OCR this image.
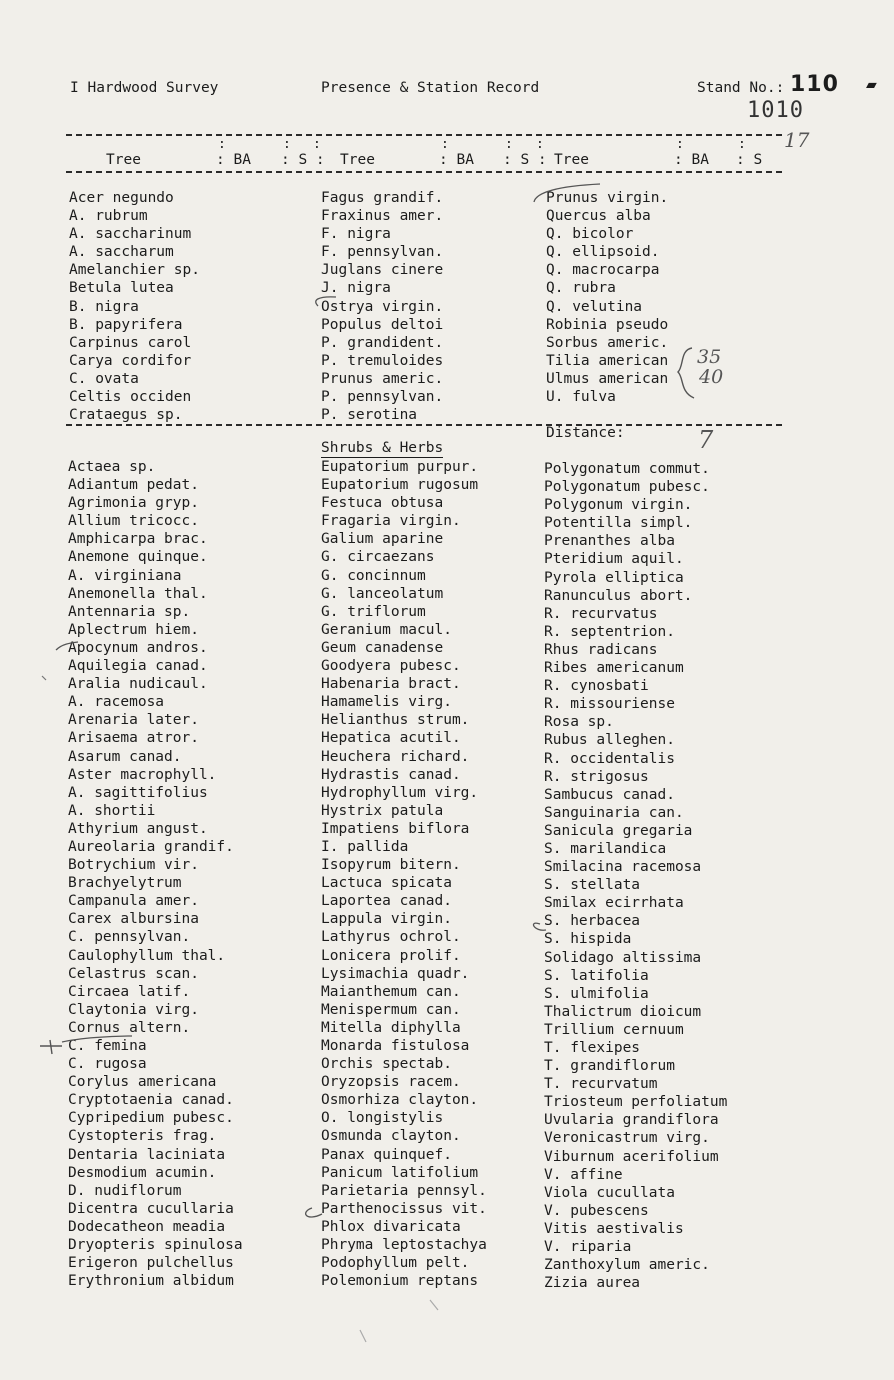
I Hardwood Survey	Presence & Station Record	Stand No.: 110 ▰
1010
17
:	: :	:	: :	:	:
Tree	: BA : S : Tree	: BA : S : Tree	: BA : S
Acer negundo
A. rubrum
A. saccharinum
A. saccharum
Amelanchier sp.
Betula lutea
B. nigra
B. papyrifera
Carpinus carol
Carya cordifor
C. ovata
Celtis occiden
Crataegus sp.
Fagus grandif.
Fraxinus amer.
F. nigra
F. pennsylvan.
Juglans cinere
J. nigra
Ostrya virgin.
Populus deltoi
P. grandident.
P. tremuloides
Prunus americ.
P. pennsylvan.
P. serotina
Prunus virgin.
Quercus alba
Q. bicolor
Q. ellipsoid.
Q. macrocarpa
Q. rubra
Q. velutina
Robinia pseudo
Sorbus americ.
Tilia american
Ulmus american
U. fulva
35
40
Distance:	7
Shrubs & Herbs
Actaea sp.
Adiantum pedat.
Agrimonia gryp.
Allium tricocc.
Amphicarpa brac.
Anemone quinque.
A. virginiana
Anemonella thal.
Antennaria sp.
Aplectrum hiem.
Apocynum andros.
Aquilegia canad.
Aralia nudicaul.
A. racemosa
Arenaria later.
Arisaema atror.
Asarum canad.
Aster macrophyll.
A. sagittifolius
A. shortii
Athyrium angust.
Aureolaria grandif.
Botrychium vir.
Brachyelytrum
Campanula amer.
Carex albursina
C. pennsylvan.
Caulophyllum thal.
Celastrus scan.
Circaea latif.
Claytonia virg.
Cornus altern.
C. femina
C. rugosa
Corylus americana
Cryptotaenia canad.
Cypripedium pubesc.
Cystopteris frag.
Dentaria laciniata
Desmodium acumin.
D. nudiflorum
Dicentra cucullaria
Dodecatheon meadia
Dryopteris spinulosa
Erigeron pulchellus
Erythronium albidum
Eupatorium purpur.
Eupatorium rugosum
Festuca obtusa
Fragaria virgin.
Galium aparine
G. circaezans
G. concinnum
G. lanceolatum
G. triflorum
Geranium macul.
Geum canadense
Goodyera pubesc.
Habenaria bract.
Hamamelis virg.
Helianthus strum.
Hepatica acutil.
Heuchera richard.
Hydrastis canad.
Hydrophyllum virg.
Hystrix patula
Impatiens biflora
I. pallida
Isopyrum bitern.
Lactuca spicata
Laportea canad.
Lappula virgin.
Lathyrus ochrol.
Lonicera prolif.
Lysimachia quadr.
Maianthemum can.
Menispermum can.
Mitella diphylla
Monarda fistulosa
Orchis spectab.
Oryzopsis racem.
Osmorhiza clayton.
O. longistylis
Osmunda clayton.
Panax quinquef.
Panicum latifolium
Parietaria pennsyl.
Parthenocissus vit.
Phlox divaricata
Phryma leptostachya
Podophyllum pelt.
Polemonium reptans
Polygonatum commut.
Polygonatum pubesc.
Polygonum virgin.
Potentilla simpl.
Prenanthes alba
Pteridium aquil.
Pyrola elliptica
Ranunculus abort.
R. recurvatus
R. septentrion.
Rhus radicans
Ribes americanum
R. cynosbati
R. missouriense
Rosa sp.
Rubus alleghen.
R. occidentalis
R. strigosus
Sambucus canad.
Sanguinaria can.
Sanicula gregaria
S. marilandica
Smilacina racemosa
S. stellata
Smilax ecirrhata
S. herbacea
S. hispida
Solidago altissima
S. latifolia
S. ulmifolia
Thalictrum dioicum
Trillium cernuum
T. flexipes
T. grandiflorum
T. recurvatum
Triosteum perfoliatum
Uvularia grandiflora
Veronicastrum virg.
Viburnum acerifolium
V. affine
Viola cucullata
V. pubescens
Vitis aestivalis
V. riparia
Zanthoxylum americ.
Zizia aurea
